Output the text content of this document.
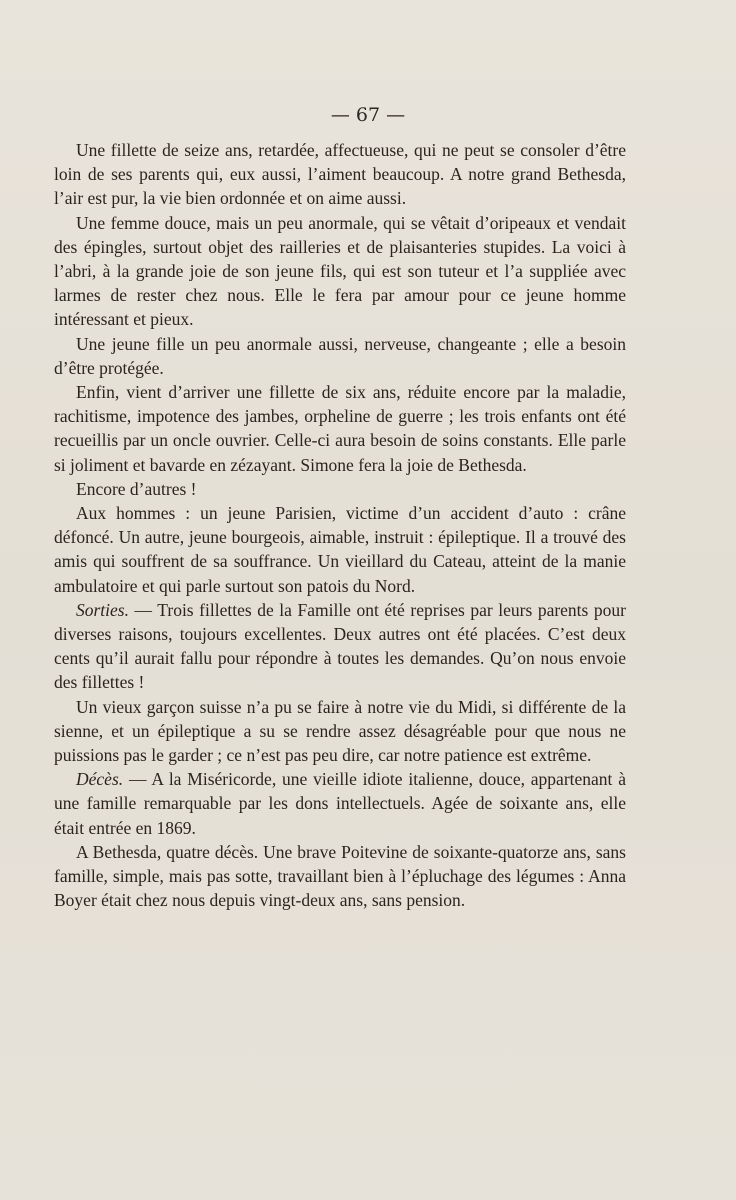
— 67 —

Une fillette de seize ans, retardée, affectueuse, qui ne peut se consoler d’être loin de ses parents qui, eux aussi, l’aiment beaucoup. A notre grand Bethesda, l’air est pur, la vie bien ordonnée et on aime aussi.

Une femme douce, mais un peu anormale, qui se vêtait d’oripeaux et vendait des épingles, surtout objet des railleries et de plaisanteries stupides. La voici à l’abri, à la grande joie de son jeune fils, qui est son tuteur et l’a suppliée avec larmes de rester chez nous. Elle le fera par amour pour ce jeune homme intéressant et pieux.

Une jeune fille un peu anormale aussi, nerveuse, changeante ; elle a besoin d’être protégée.

Enfin, vient d’arriver une fillette de six ans, réduite encore par la maladie, rachitisme, impotence des jambes, orpheline de guerre ; les trois enfants ont été recueillis par un oncle ouvrier. Celle-ci aura besoin de soins constants. Elle parle si joliment et bavarde en zézayant. Simone fera la joie de Bethesda.

Encore d’autres !

Aux hommes : un jeune Parisien, victime d’un accident d’auto : crâne défoncé. Un autre, jeune bourgeois, aimable, instruit : épileptique. Il a trouvé des amis qui souffrent de sa souffrance. Un vieillard du Cateau, atteint de la manie ambulatoire et qui parle surtout son patois du Nord.

Sorties. — Trois fillettes de la Famille ont été reprises par leurs parents pour diverses raisons, toujours excellentes. Deux autres ont été placées. C’est deux cents qu’il aurait fallu pour répondre à toutes les demandes. Qu’on nous envoie des fillettes !

Un vieux garçon suisse n’a pu se faire à notre vie du Midi, si différente de la sienne, et un épileptique a su se rendre assez désagréable pour que nous ne puissions pas le garder ; ce n’est pas peu dire, car notre patience est extrême.

Décès. — A la Miséricorde, une vieille idiote italienne, douce, appartenant à une famille remarquable par les dons intellectuels. Agée de soixante ans, elle était entrée en 1869.

A Bethesda, quatre décès. Une brave Poitevine de soixante-quatorze ans, sans famille, simple, mais pas sotte, travaillant bien à l’épluchage des légumes : Anna Boyer était chez nous depuis vingt-deux ans, sans pension.
